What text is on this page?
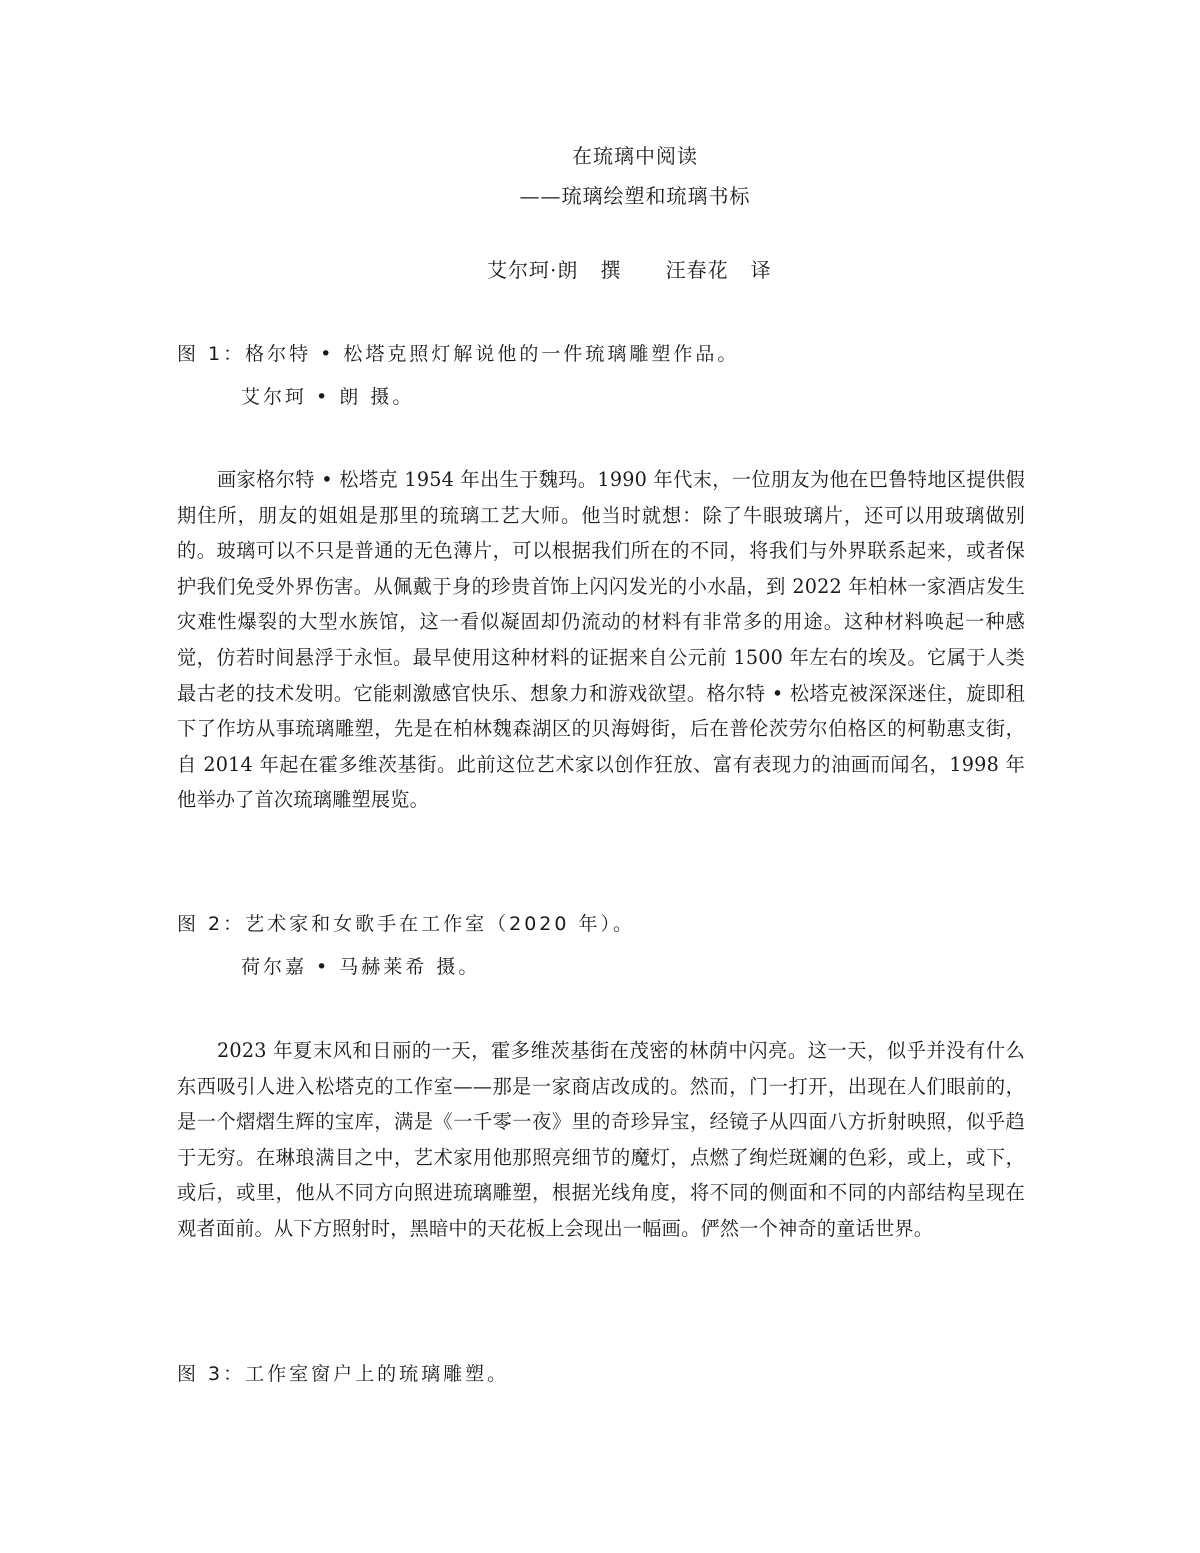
在琉璃中阅读
——琉璃绘塑和琉璃书标
艾尔珂·朗   撰      汪春花   译
图 1：格尔特 • 松塔克照灯解说他的一件琉璃雕塑作品。
艾尔珂 • 朗 摄。
画家格尔特 • 松塔克 1954 年出生于魏玛。1990 年代末，一位朋友为他在巴鲁特地区提供假期住所，朋友的姐姐是那里的琉璃工艺大师。他当时就想：除了牛眼玻璃片，还可以用玻璃做别的。玻璃可以不只是普通的无色薄片，可以根据我们所在的不同，将我们与外界联系起来，或者保护我们免受外界伤害。从佩戴于身的珍贵首饰上闪闪发光的小水晶，到 2022 年柏林一家酒店发生灾难性爆裂的大型水族馆，这一看似凝固却仍流动的材料有非常多的用途。这种材料唤起一种感觉，仿若时间悬浮于永恒。最早使用这种材料的证据来自公元前 1500 年左右的埃及。它属于人类最古老的技术发明。它能刺激感官快乐、想象力和游戏欲望。格尔特 • 松塔克被深深迷住，旋即租下了作坊从事琉璃雕塑，先是在柏林魏森湖区的贝海姆街，后在普伦茨劳尔伯格区的柯勒惠支街，自 2014 年起在霍多维茨基街。此前这位艺术家以创作狂放、富有表现力的油画而闻名，1998 年他举办了首次琉璃雕塑展览。
图 2：艺术家和女歌手在工作室（2020 年）。
荷尔嘉 • 马赫莱希 摄。
2023 年夏末风和日丽的一天，霍多维茨基街在茂密的林荫中闪亮。这一天，似乎并没有什么东西吸引人进入松塔克的工作室——那是一家商店改成的。然而，门一打开，出现在人们眼前的，是一个熠熠生辉的宝库，满是《一千零一夜》里的奇珍异宝，经镜子从四面八方折射映照，似乎趋于无穷。在琳琅满目之中，艺术家用他那照亮细节的魔灯，点燃了绚烂斑斓的色彩，或上，或下，或后，或里，他从不同方向照进琉璃雕塑，根据光线角度，将不同的侧面和不同的内部结构呈现在观者面前。从下方照射时，黑暗中的天花板上会现出一幅画。俨然一个神奇的童话世界。
图 3：工作室窗户上的琉璃雕塑。
